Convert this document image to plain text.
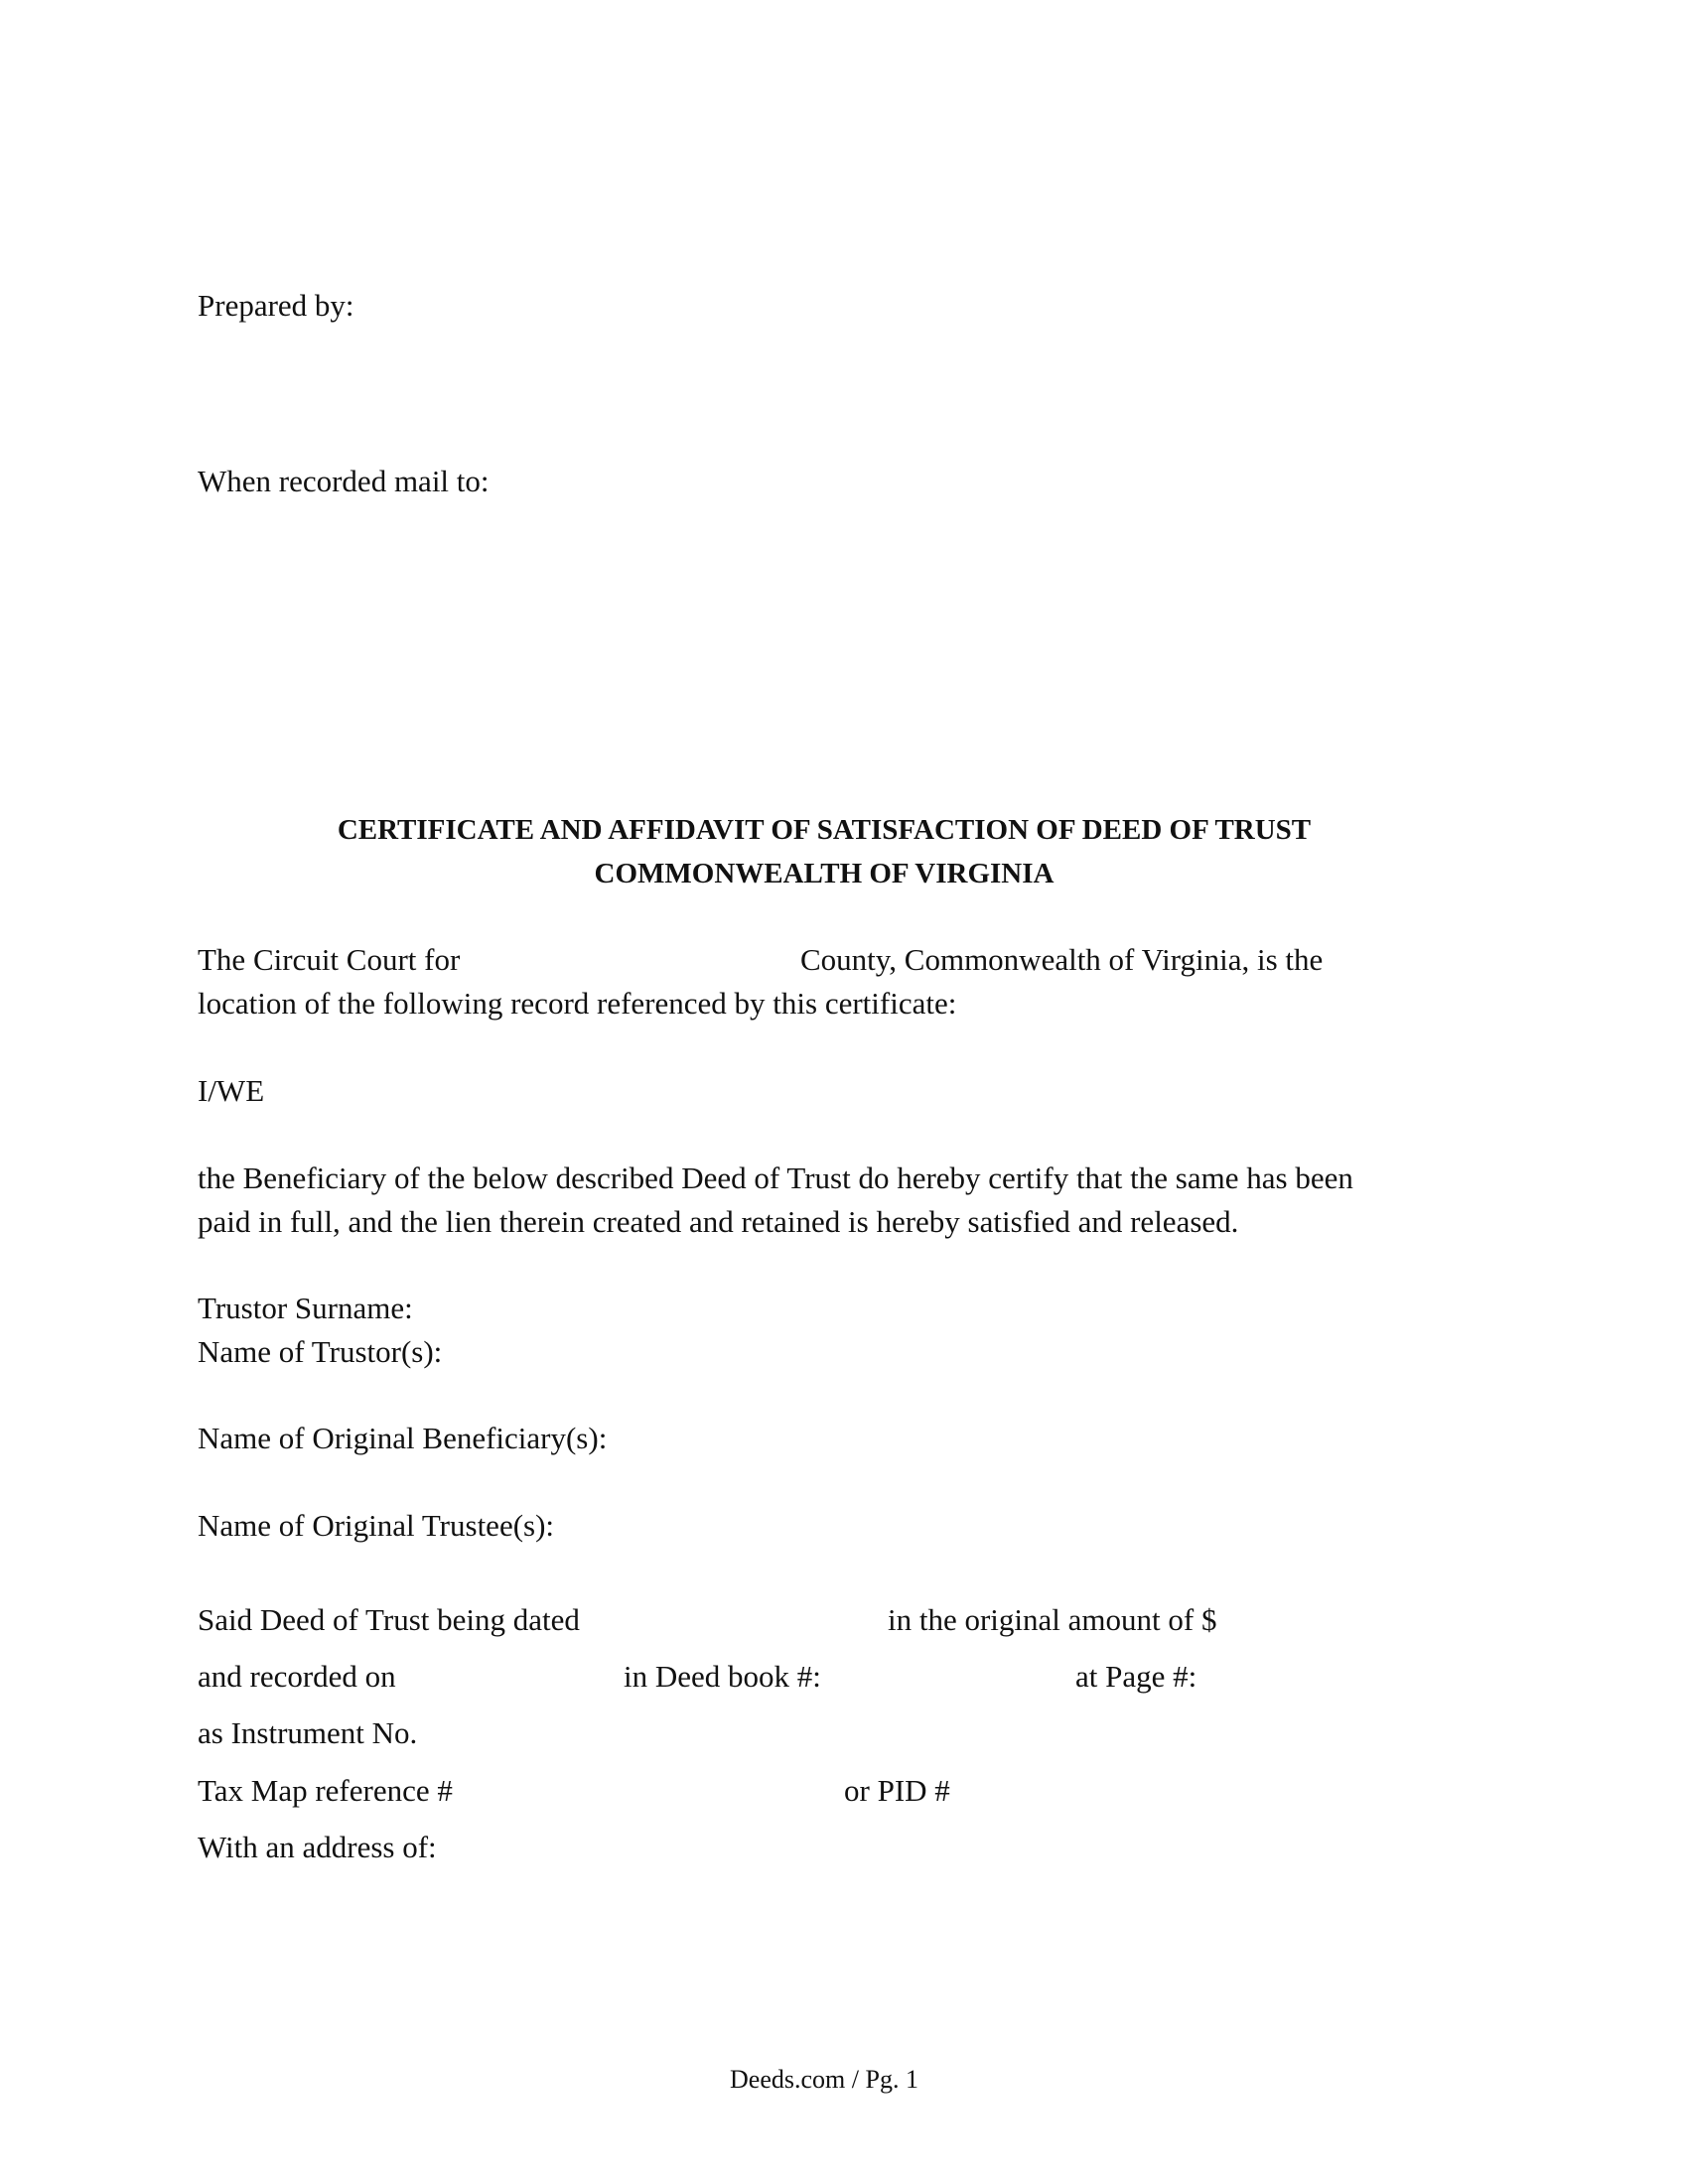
Prepared by:
When recorded mail to:
CERTIFICATE AND AFFIDAVIT OF SATISFACTION OF DEED OF TRUST
COMMONWEALTH OF VIRGINIA
The Circuit Court for	County, Commonwealth of Virginia, is the
location of the following record referenced by this certificate:
I/WE
the Beneficiary of the below described Deed of Trust do hereby certify that the same has been
paid in full, and the lien therein created and retained is hereby satisfied and released.
Trustor Surname:
Name of Trustor(s):
Name of Original Beneficiary(s):
Name of Original Trustee(s):
Said Deed of Trust being dated	in the original amount of $
and recorded on	in Deed book #:	at Page #:
as Instrument No.
Tax Map reference #	or PID #
With an address of:
Deeds.com / Pg. 1
